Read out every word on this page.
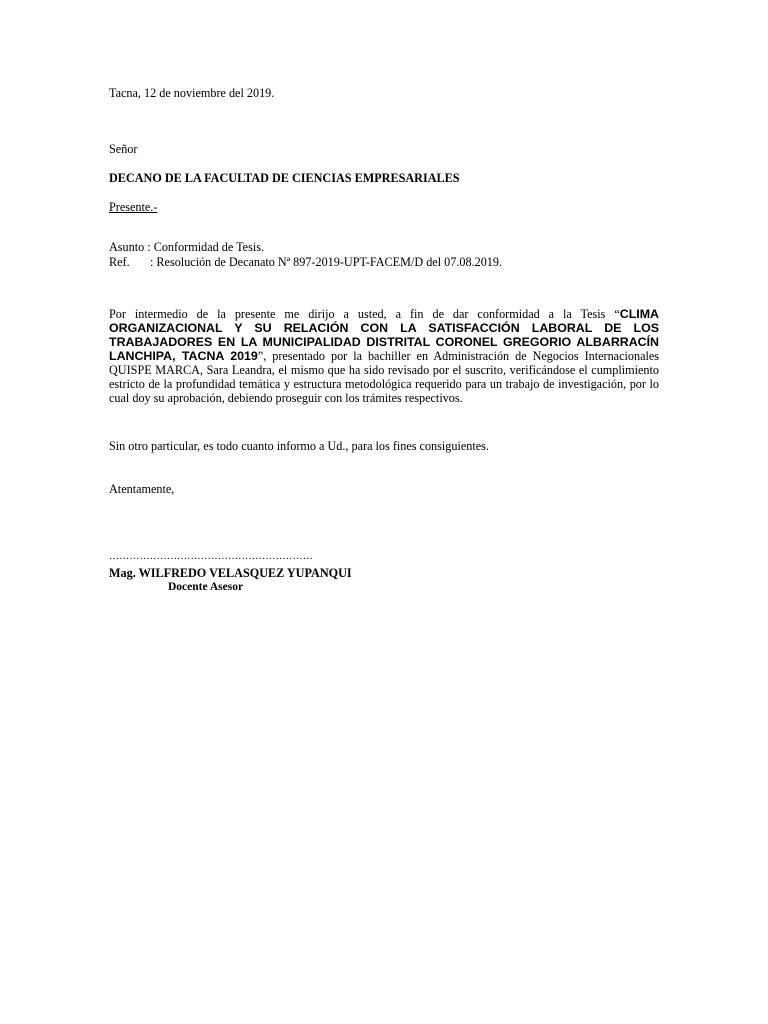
Tacna, 12 de noviembre del 2019.
Señor
DECANO DE LA FACULTAD DE CIENCIAS EMPRESARIALES
Presente.-
Asunto : Conformidad de Tesis.
Ref. : Resolución de Decanato Nª 897-2019-UPT-FACEM/D del 07.08.2019.
Por intermedio de la presente me dirijo a usted, a fin de dar conformidad a la Tesis “CLIMA ORGANIZACIONAL Y SU RELACIÓN CON LA SATISFACCIÓN LABORAL DE LOS TRABAJADORES EN LA MUNICIPALIDAD DISTRITAL CORONEL GREGORIO ALBARRACÍN LANCHIPA, TACNA 2019”, presentado por la bachiller en Administración de Negocios Internacionales QUISPE MARCA, Sara Leandra, el mismo que ha sido revisado por el suscrito, verificándose el cumplimiento estricto de la profundidad temática y estructura metodológica requerido para un trabajo de investigación, por lo cual doy su aprobación, debiendo proseguir con los trámites respectivos.
Sin otro particular, es todo cuanto informo a Ud., para los fines consiguientes.
Atentamente,
……………………………………………………
Mag. WILFREDO VELASQUEZ YUPANQUI
Docente Asesor
